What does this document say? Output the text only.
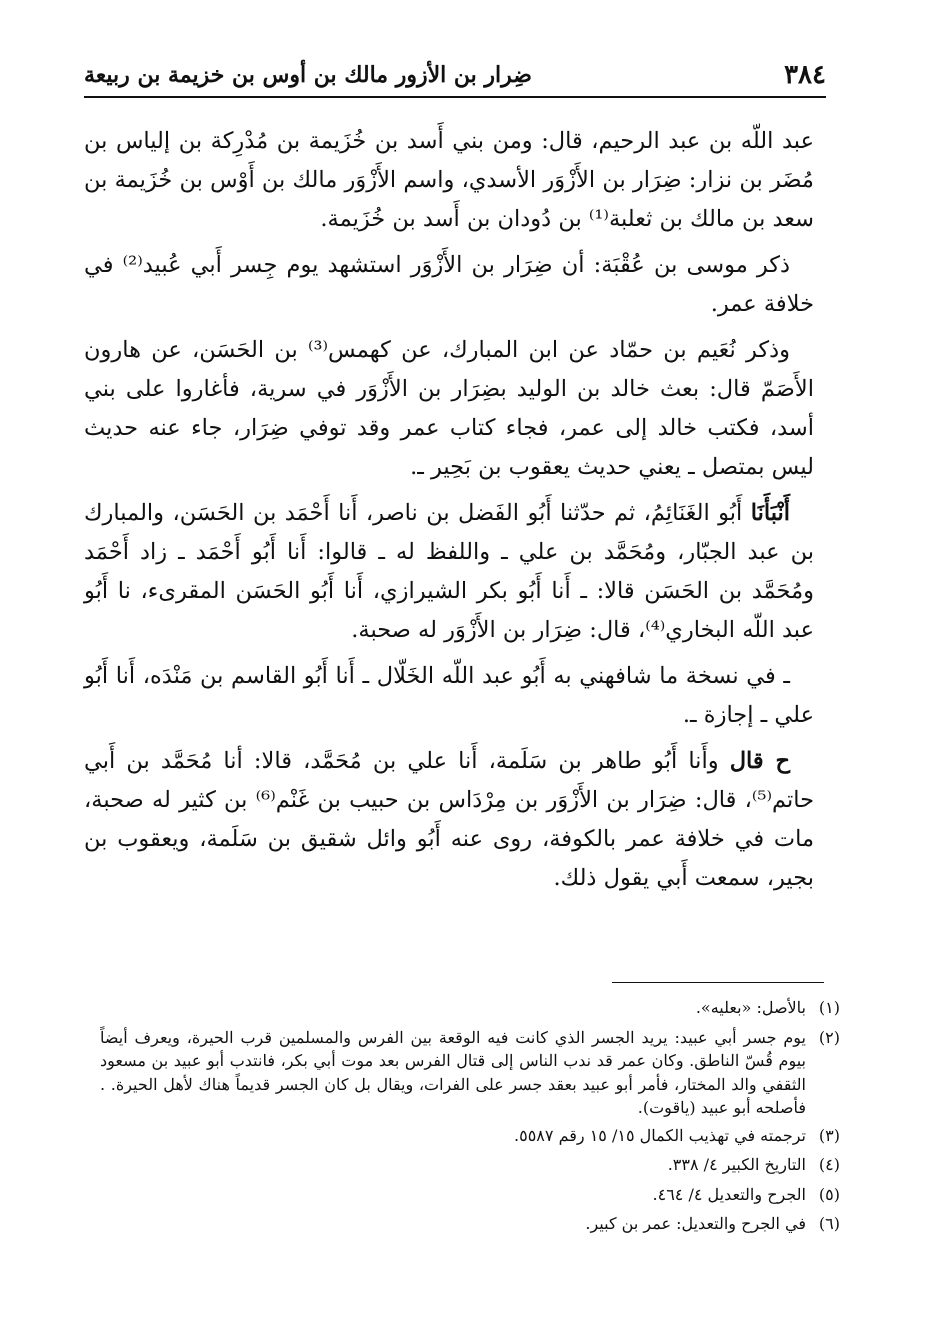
٣٨٤
ضِرار بن الأزور مالك بن أوس بن خزيمة بن ربيعة

عبد اللّه بن عبد الرحيم، قال: ومن بني أَسد بن خُزَيمة بن مُدْرِكة بن إلياس بن مُضَر بن نزار: ضِرَار بن الأَزْوَر الأسدي، واسم الأَزْوَر مالك بن أَوْس بن خُزَيمة بن سعد بن مالك بن ثعلبة⁽¹⁾ بن دُودان بن أَسد بن خُزَيمة.

ذكر موسى بن عُقْبَة: أن ضِرَار بن الأَزْوَر استشهد يوم جِسر أَبي عُبيد⁽²⁾ في خلافة عمر.

وذكر نُعَيم بن حمّاد عن ابن المبارك، عن كهمس⁽³⁾ بن الحَسَن، عن هارون الأَصَمّ قال: بعث خالد بن الوليد بضِرَار بن الأَزْوَر في سرية، فأغاروا على بني أسد، فكتب خالد إلى عمر، فجاء كتاب عمر وقد توفي ضِرَار، جاء عنه حديث ليس بمتصل ـ يعني حديث يعقوب بن بَحِير ـ.

أَنْبَأَنَا أَبُو الغَنَائِمُ، ثم حدّثنا أَبُو الفَضل بن ناصر، أَنا أَحْمَد بن الحَسَن، والمبارك بن عبد الجبّار، ومُحَمَّد بن علي ـ واللفظ له ـ قالوا: أَنا أَبُو أَحْمَد ـ زاد أَحْمَد ومُحَمَّد بن الحَسَن قالا: ـ أَنا أَبُو بكر الشيرازي، أَنا أَبُو الحَسَن المقرىء، نا أَبُو عبد اللّه البخاري⁽⁴⁾، قال: ضِرَار بن الأَزْوَر له صحبة.

ـ في نسخة ما شافهني به أَبُو عبد اللّه الخَلّال ـ أَنا أَبُو القاسم بن مَنْدَه، أَنا أَبُو علي ـ إجازة ـ.

ح قال وأَنا أَبُو طاهر بن سَلَمة، أَنا علي بن مُحَمَّد، قالا: أنا مُحَمَّد بن أَبي حاتم⁽⁵⁾، قال: ضِرَار بن الأَزْوَر بن مِرْدَاس بن حبيب بن غَنْم⁽⁶⁾ بن كثير له صحبة، مات في خلافة عمر بالكوفة، روى عنه أَبُو وائل شقيق بن سَلَمة، ويعقوب بن بجير، سمعت أَبي يقول ذلك.

(١)
بالأصل: «بعليه».
(٢)
يوم جسر أبي عبيد: يريد الجسر الذي كانت فيه الوقعة بين الفرس والمسلمين قرب الحيرة، ويعرف أيضاً بيوم قُسّ الناطق. وكان عمر قد ندب الناس إلى قتال الفرس بعد موت أبي بكر، فانتدب أبو عبيد بن مسعود الثقفي والد المختار، فأمر أبو عبيد بعقد جسر على الفرات، ويقال بل كان الجسر قديماً هناك لأهل الحيرة. . فأصلحه أبو عبيد (ياقوت).
(٣)
ترجمته في تهذيب الكمال ١٥/ ١٥ رقم ٥٥٨٧.
(٤)
التاريخ الكبير ٤/ ٣٣٨.
(٥)
الجرح والتعديل ٤/ ٤٦٤.
(٦)
في الجرح والتعديل: عمر بن كبير.
